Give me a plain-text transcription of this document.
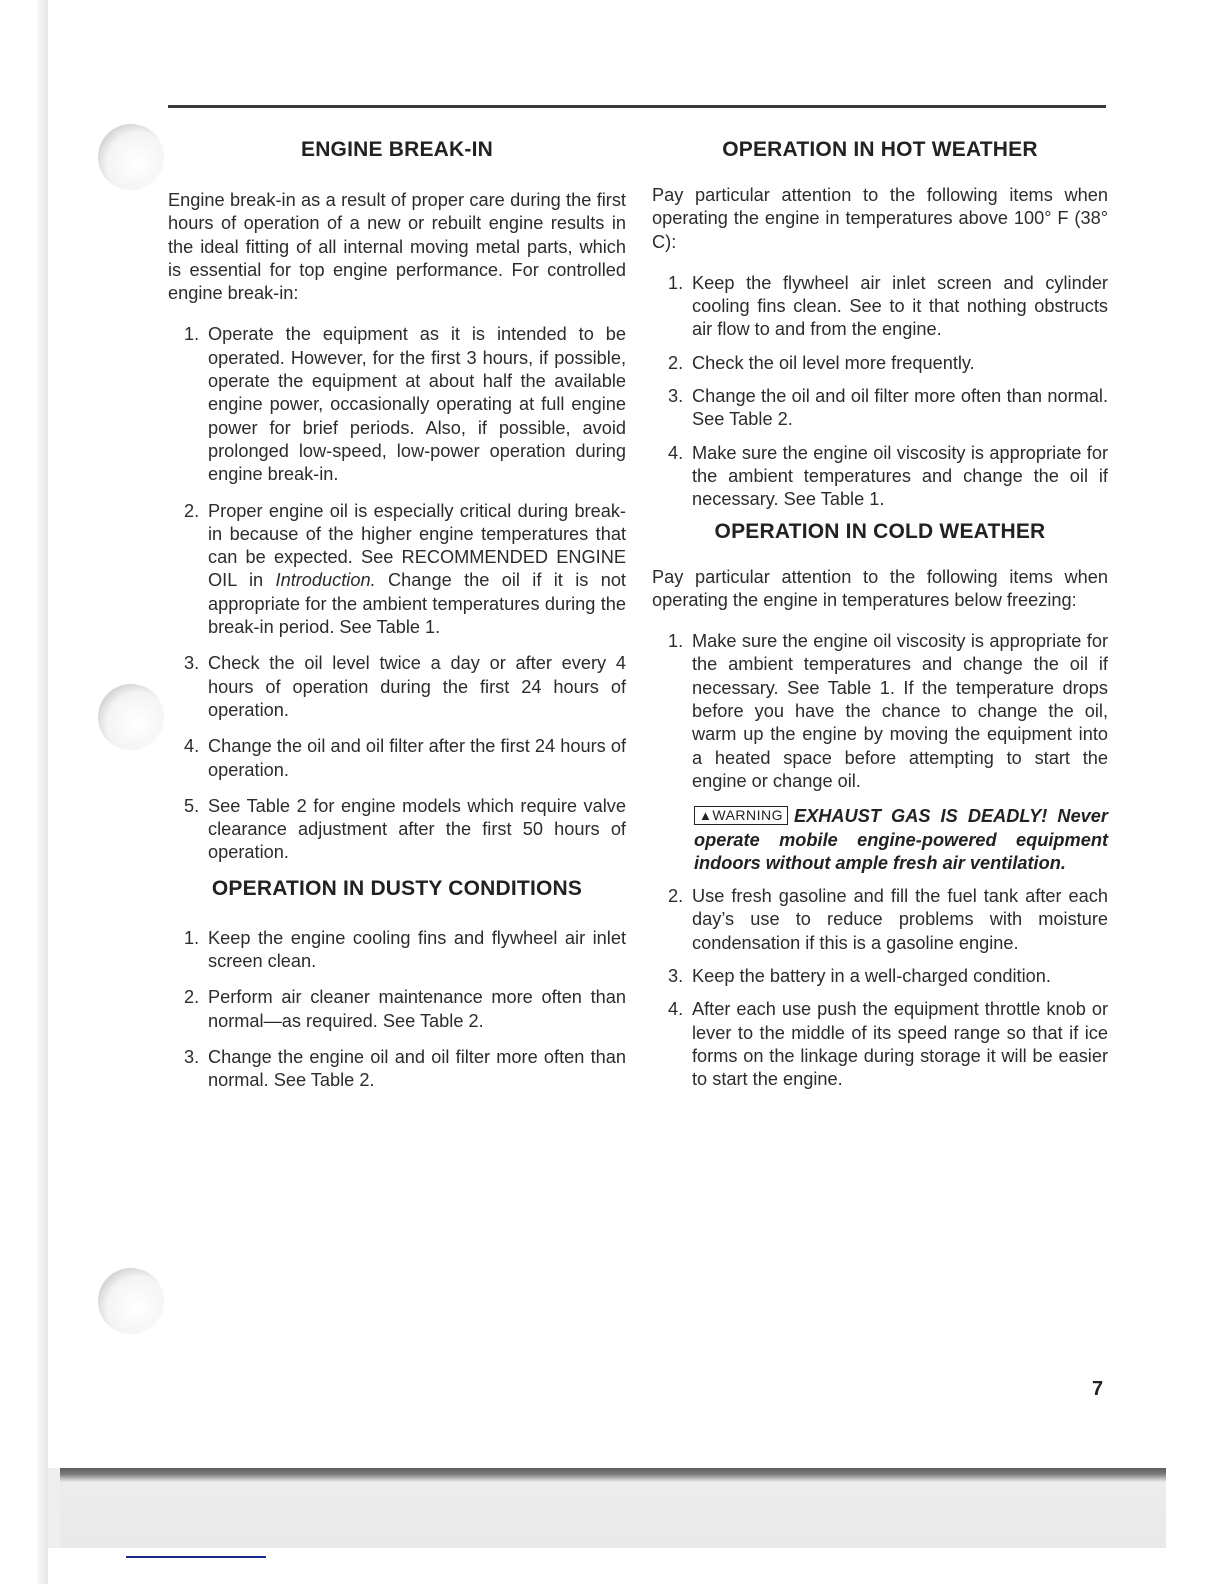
ENGINE BREAK-IN

Engine break-in as a result of proper care during the first hours of operation of a new or rebuilt engine results in the ideal fitting of all internal moving metal parts, which is essential for top engine performance. For controlled engine break-in:

1. Operate the equipment as it is intended to be operated. However, for the first 3 hours, if possible, operate the equipment at about half the available engine power, occasionally operating at full engine power for brief periods. Also, if possible, avoid prolonged low-speed, low-power operation during engine break-in.
2. Proper engine oil is especially critical during break-in because of the higher engine temperatures that can be expected. See RECOMMENDED ENGINE OIL in Introduction. Change the oil if it is not appropriate for the ambient temperatures during the break-in period. See Table 1.
3. Check the oil level twice a day or after every 4 hours of operation during the first 24 hours of operation.
4. Change the oil and oil filter after the first 24 hours of operation.
5. See Table 2 for engine models which require valve clearance adjustment after the first 50 hours of operation.
OPERATION IN DUSTY CONDITIONS
1. Keep the engine cooling fins and flywheel air inlet screen clean.
2. Perform air cleaner maintenance more often than normal—as required. See Table 2.
3. Change the engine oil and oil filter more often than normal. See Table 2.
OPERATION IN HOT WEATHER

Pay particular attention to the following items when operating the engine in temperatures above 100° F (38° C):

1. Keep the flywheel air inlet screen and cylinder cooling fins clean. See to it that nothing obstructs air flow to and from the engine.
2. Check the oil level more frequently.
3. Change the oil and oil filter more often than normal. See Table 2.
4. Make sure the engine oil viscosity is appropriate for the ambient temperatures and change the oil if necessary. See Table 1.
OPERATION IN COLD WEATHER

Pay particular attention to the following items when operating the engine in temperatures below freezing:

1. Make sure the engine oil viscosity is appropriate for the ambient temperatures and change the oil if necessary. See Table 1. If the temperature drops before you have the chance to change the oil, warm up the engine by moving the equipment into a heated space before attempting to start the engine or change oil.
▲WARNING EXHAUST GAS IS DEADLY! Never operate mobile engine-powered equipment indoors without ample fresh air ventilation.
2. Use fresh gasoline and fill the fuel tank after each day’s use to reduce problems with moisture condensation if this is a gasoline engine.
3. Keep the battery in a well-charged condition.
4. After each use push the equipment throttle knob or lever to the middle of its speed range so that if ice forms on the linkage during storage it will be easier to start the engine.
7
